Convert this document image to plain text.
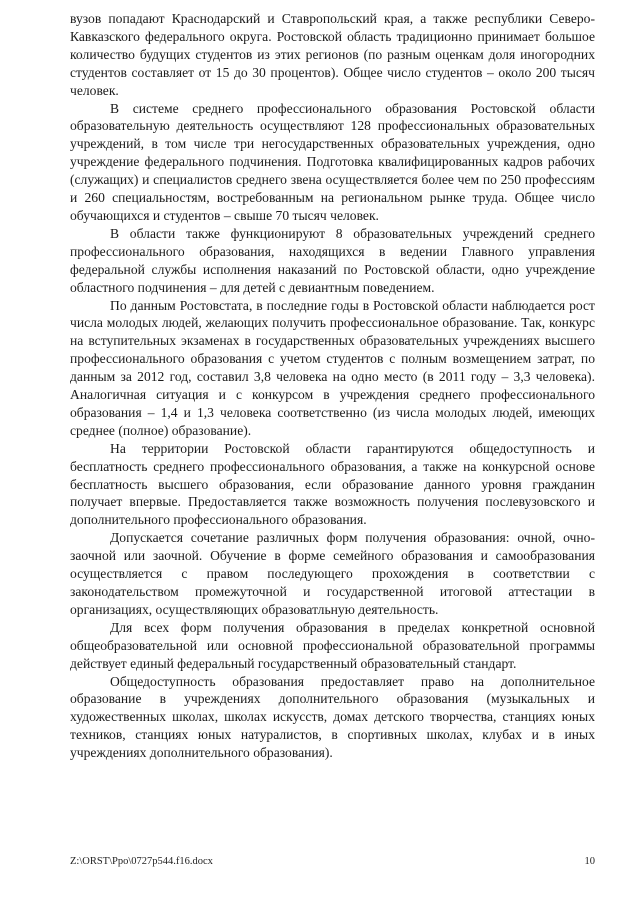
вузов попадают Краснодарский и Ставропольский края, а также республики Северо-Кавказского федерального округа. Ростовской область традиционно принимает большое количество будущих студентов из этих регионов (по разным оценкам доля иногородних студентов составляет от 15 до 30 процентов). Общее число студентов – около 200 тысяч человек.

В системе среднего профессионального образования Ростовской области образовательную деятельность осуществляют 128 профессиональных образовательных учреждений, в том числе три негосударственных образовательных учреждения, одно учреждение федерального подчинения. Подготовка квалифицированных кадров рабочих (служащих) и специалистов среднего звена осуществляется более чем по 250 профессиям и 260 специальностям, востребованным на региональном рынке труда. Общее число обучающихся и студентов – свыше 70 тысяч человек.

В области также функционируют 8 образовательных учреждений среднего профессионального образования, находящихся в ведении Главного управления федеральной службы исполнения наказаний по Ростовской области, одно учреждение областного подчинения – для детей с девиантным поведением.

По данным Ростовстата, в последние годы в Ростовской области наблюдается рост числа молодых людей, желающих получить профессиональное образование. Так, конкурс на вступительных экзаменах в государственных образовательных учреждениях высшего профессионального образования с учетом студентов с полным возмещением затрат, по данным за 2012 год, составил 3,8 человека на одно место (в 2011 году – 3,3 человека). Аналогичная ситуация и с конкурсом в учреждения среднего профессионального образования – 1,4 и 1,3 человека соответственно (из числа молодых людей, имеющих среднее (полное) образование).

На территории Ростовской области гарантируются общедоступность и бесплатность среднего профессионального образования, а также на конкурсной основе бесплатность высшего образования, если образование данного уровня гражданин получает впервые. Предоставляется также возможность получения послевузовского и дополнительного профессионального образования.

Допускается сочетание различных форм получения образования: очной, очно-заочной или заочной. Обучение в форме семейного образования и самообразования осуществляется с правом последующего прохождения в соответствии с законодательством промежуточной и государственной итоговой аттестации в организациях, осуществляющих образоватльную деятельность.

Для всех форм получения образования в пределах конкретной основной общеобразовательной или основной профессиональной образовательной программы действует единый федеральный государственный образовательный стандарт.

Общедоступность образования предоставляет право на дополнительное образование в учреждениях дополнительного образования (музыкальных и художественных школах, школах искусств, домах детского творчества, станциях юных техников, станциях юных натуралистов, в спортивных школах, клубах и в иных учреждениях дополнительного образования).

Z:\ORST\Ppo\0727p544.f16.docx	10
